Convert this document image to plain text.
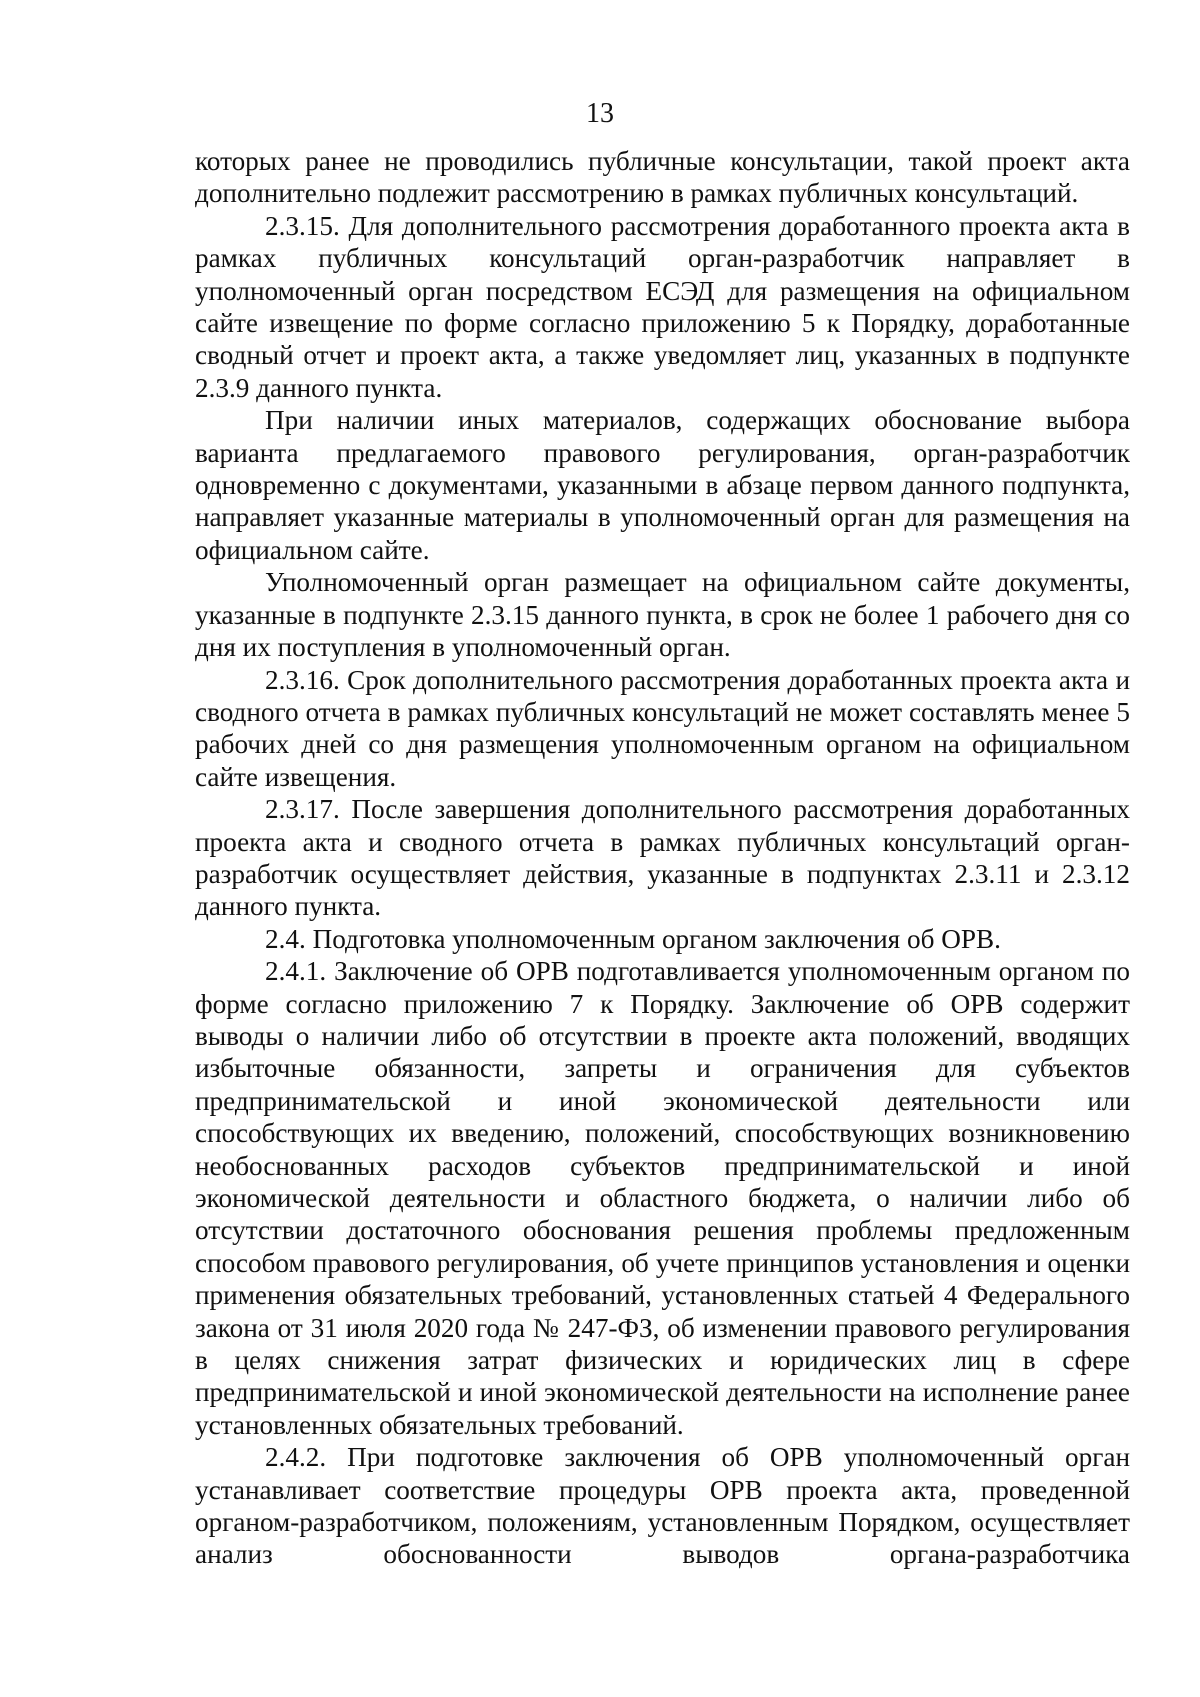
13

которых ранее не проводились публичные консультации, такой проект акта дополнительно подлежит рассмотрению в рамках публичных консультаций.

2.3.15. Для дополнительного рассмотрения доработанного проекта акта в рамках публичных консультаций орган-разработчик направляет в уполномоченный орган посредством ЕСЭД для размещения на официальном сайте извещение по форме согласно приложению 5 к Порядку, доработанные сводный отчет и проект акта, а также уведомляет лиц, указанных в подпункте 2.3.9 данного пункта.

При наличии иных материалов, содержащих обоснование выбора варианта предлагаемого правового регулирования, орган-разработчик одновременно с документами, указанными в абзаце первом данного подпункта, направляет указанные материалы в уполномоченный орган для размещения на официальном сайте.

Уполномоченный орган размещает на официальном сайте документы, указанные в подпункте 2.3.15 данного пункта, в срок не более 1 рабочего дня со дня их поступления в уполномоченный орган.

2.3.16. Срок дополнительного рассмотрения доработанных проекта акта и сводного отчета в рамках публичных консультаций не может составлять менее 5 рабочих дней со дня размещения уполномоченным органом на официальном сайте извещения.

2.3.17. После завершения дополнительного рассмотрения доработанных проекта акта и сводного отчета в рамках публичных консультаций орган-разработчик осуществляет действия, указанные в подпунктах 2.3.11 и 2.3.12 данного пункта.

2.4. Подготовка уполномоченным органом заключения об ОРВ.

2.4.1. Заключение об ОРВ подготавливается уполномоченным органом по форме согласно приложению 7 к Порядку. Заключение об ОРВ содержит выводы о наличии либо об отсутствии в проекте акта положений, вводящих избыточные обязанности, запреты и ограничения для субъектов предпринимательской и иной экономической деятельности или способствующих их введению, положений, способствующих возникновению необоснованных расходов субъектов предпринимательской и иной экономической деятельности и областного бюджета, о наличии либо об отсутствии достаточного обоснования решения проблемы предложенным способом правового регулирования, об учете принципов установления и оценки применения обязательных требований, установленных статьей 4 Федерального закона от 31 июля 2020 года № 247-ФЗ, об изменении правового регулирования в целях снижения затрат физических и юридических лиц в сфере предпринимательской и иной экономической деятельности на исполнение ранее установленных обязательных требований.

2.4.2. При подготовке заключения об ОРВ уполномоченный орган устанавливает соответствие процедуры ОРВ проекта акта, проведенной органом-разработчиком, положениям, установленным Порядком, осуществляет анализ обоснованности выводов органа-разработчика
